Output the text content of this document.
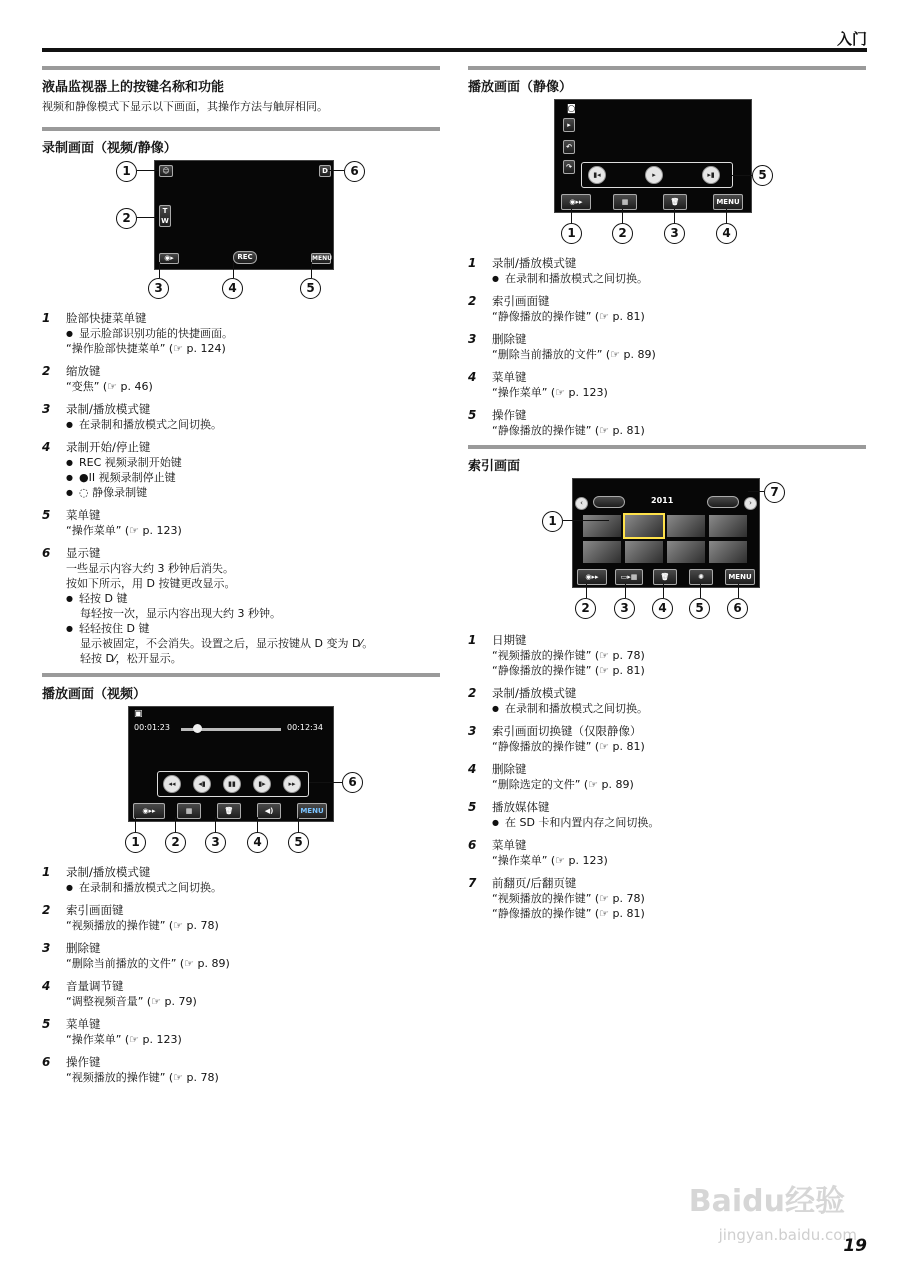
入门
液晶监视器上的按键名称和功能
视频和静像模式下显示以下画面，其操作方法与触屏相同。
录制画面（视频/静像）
☺	D
T
W
◉▸	REC	MENU
1
2
6
3	4	5
1 脸部快捷菜单键
● 显示脸部识别功能的快捷画面。
“操作脸部快捷菜单” (☞ p. 124)
2 缩放键
“变焦” (☞ p. 46)
3 录制/播放模式键
● 在录制和播放模式之间切换。
4 录制开始/停止键
● REC 视频录制开始键
● ●II 视频录制停止键
● ◌ 静像录制键
5 菜单键
“操作菜单” (☞ p. 123)
6 显示键
一些显示内容大约 3 秒钟后消失。
按如下所示，用 D 按键更改显示。
● 轻按 D 键
每轻按一次，显示内容出现大约 3 秒钟。
● 轻轻按住 D 键
显示被固定，不会消失。设置之后，显示按键从 D 变为 D⁄。
轻按 D⁄，松开显示。
播放画面（视频）
▣
00:01:23	00:12:34
◂◂	◂▮	▮▮	▮▸	▸▸
◉▸▸	▦	🗑	◀)	MENU
1	2	3	4	5
6
1 录制/播放模式键
● 在录制和播放模式之间切换。
2 索引画面键
“视频播放的操作键” (☞ p. 78)
3 删除键
“删除当前播放的文件” (☞ p. 89)
4 音量调节键
“调整视频音量” (☞ p. 79)
5 菜单键
“操作菜单” (☞ p. 123)
6 操作键
“视频播放的操作键” (☞ p. 78)
播放画面（静像）
◙
▸
↶
↷
▮◂	▸	▸▮
◉▸▸	▦	🗑	MENU
1	2	3	4
5
1 录制/播放模式键
● 在录制和播放模式之间切换。
2 索引画面键
“静像播放的操作键” (☞ p. 81)
3 删除键
“删除当前播放的文件” (☞ p. 89)
4 菜单键
“操作菜单” (☞ p. 123)
5 操作键
“静像播放的操作键” (☞ p. 81)
索引画面
‹	2011	›
◉▸▸	▭▸▦	🗑	✺	MENU
1
7
2	3	4	5	6
1 日期键
“视频播放的操作键” (☞ p. 78)
“静像播放的操作键” (☞ p. 81)
2 录制/播放模式键
● 在录制和播放模式之间切换。
3 索引画面切换键（仅限静像）
“静像播放的操作键” (☞ p. 81)
4 删除键
“删除选定的文件” (☞ p. 89)
5 播放媒体键
● 在 SD 卡和内置内存之间切换。
6 菜单键
“操作菜单” (☞ p. 123)
7 前翻页/后翻页键
“视频播放的操作键” (☞ p. 78)
“静像播放的操作键” (☞ p. 81)
Baidu经验
jingyan.baidu.com
19
